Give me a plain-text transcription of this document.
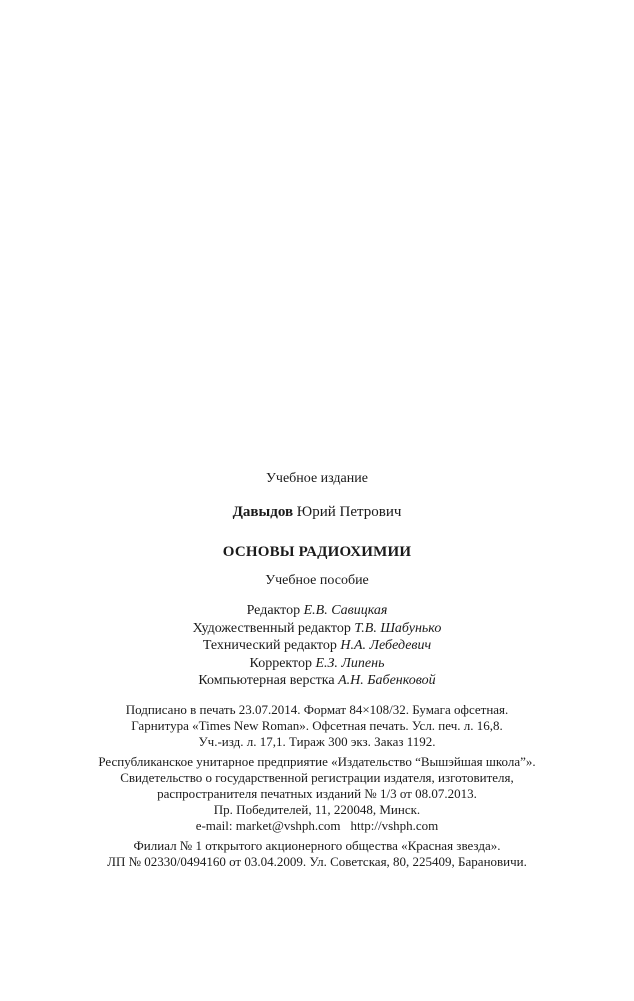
Учебное издание
Давыдов Юрий Петрович
ОСНОВЫ РАДИОХИМИИ
Учебное пособие
Редактор Е.В. Савицкая
Художественный редактор Т.В. Шабунько
Технический редактор Н.А. Лебедевич
Корректор Е.З. Липень
Компьютерная верстка А.Н. Бабенковой
Подписано в печать 23.07.2014. Формат 84×108/32. Бумага офсетная.
Гарнитура «Times New Roman». Офсетная печать. Усл. печ. л. 16,8.
Уч.-изд. л. 17,1. Тираж 300 экз. Заказ 1192.
Республиканское унитарное предприятие «Издательство “Вышэйшая школа”».
Свидетельство о государственной регистрации издателя, изготовителя,
распространителя печатных изданий № 1/3 от 08.07.2013.
Пр. Победителей, 11, 220048, Минск.
e-mail: market@vshph.com http://vshph.com
Филиал № 1 открытого акционерного общества «Красная звезда».
ЛП № 02330/0494160 от 03.04.2009. Ул. Советская, 80, 225409, Барановичи.
